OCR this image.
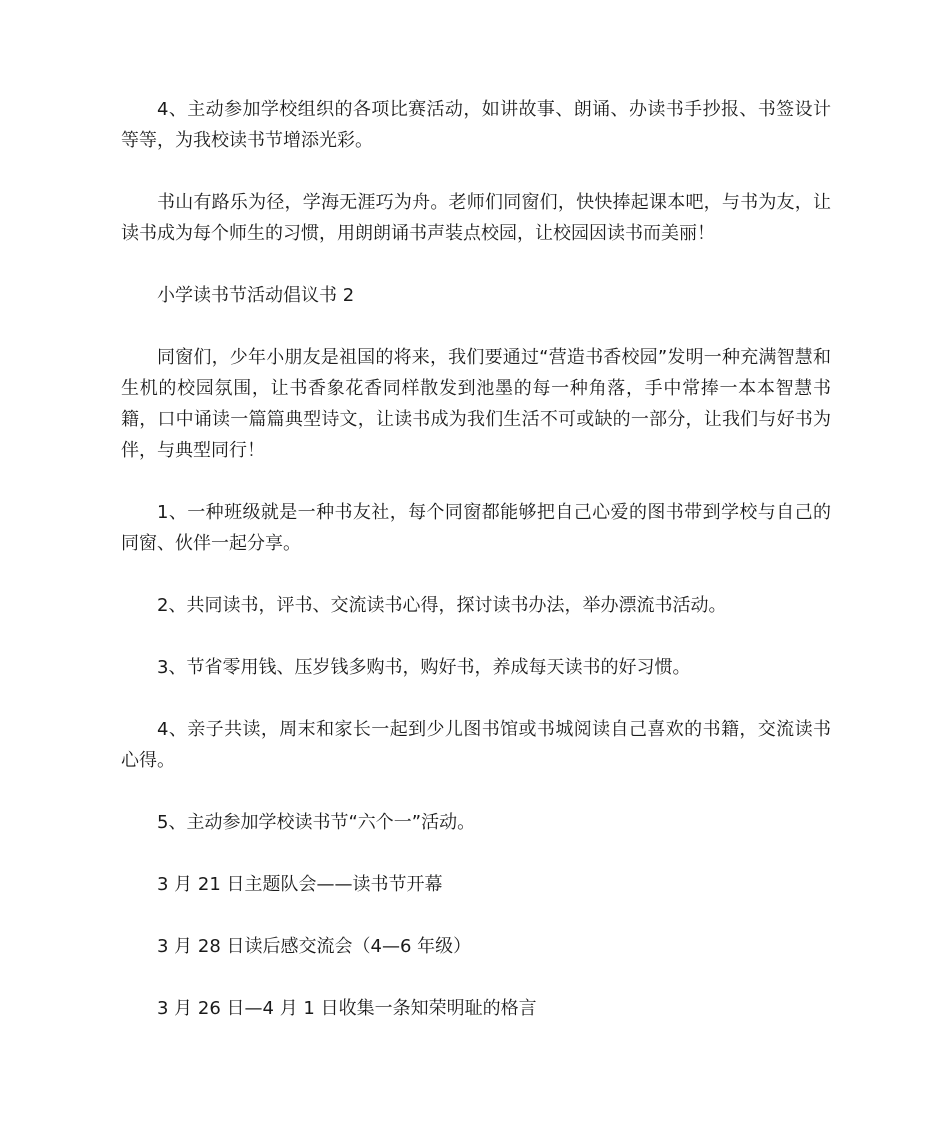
4、主动参加学校组织的各项比赛活动，如讲故事、朗诵、办读书手抄报、书签设计等等，为我校读书节增添光彩。

书山有路乐为径，学海无涯巧为舟。老师们同窗们，快快捧起课本吧，与书为友，让读书成为每个师生的习惯，用朗朗诵书声装点校园，让校园因读书而美丽！

小学读书节活动倡议书 2

同窗们，少年小朋友是祖国的将来，我们要通过“营造书香校园”发明一种充满智慧和生机的校园氛围，让书香象花香同样散发到池墨的每一种角落，手中常捧一本本智慧书籍，口中诵读一篇篇典型诗文，让读书成为我们生活不可或缺的一部分，让我们与好书为伴，与典型同行！

1、一种班级就是一种书友社，每个同窗都能够把自己心爱的图书带到学校与自己的同窗、伙伴一起分享。

2、共同读书，评书、交流读书心得，探讨读书办法，举办漂流书活动。

3、节省零用钱、压岁钱多购书，购好书，养成每天读书的好习惯。

4、亲子共读，周末和家长一起到少儿图书馆或书城阅读自己喜欢的书籍，交流读书心得。

5、主动参加学校读书节“六个一”活动。

3 月 21 日主题队会——读书节开幕

3 月 28 日读后感交流会（4—6 年级）

3 月 26 日—4 月 1 日收集一条知荣明耻的格言
